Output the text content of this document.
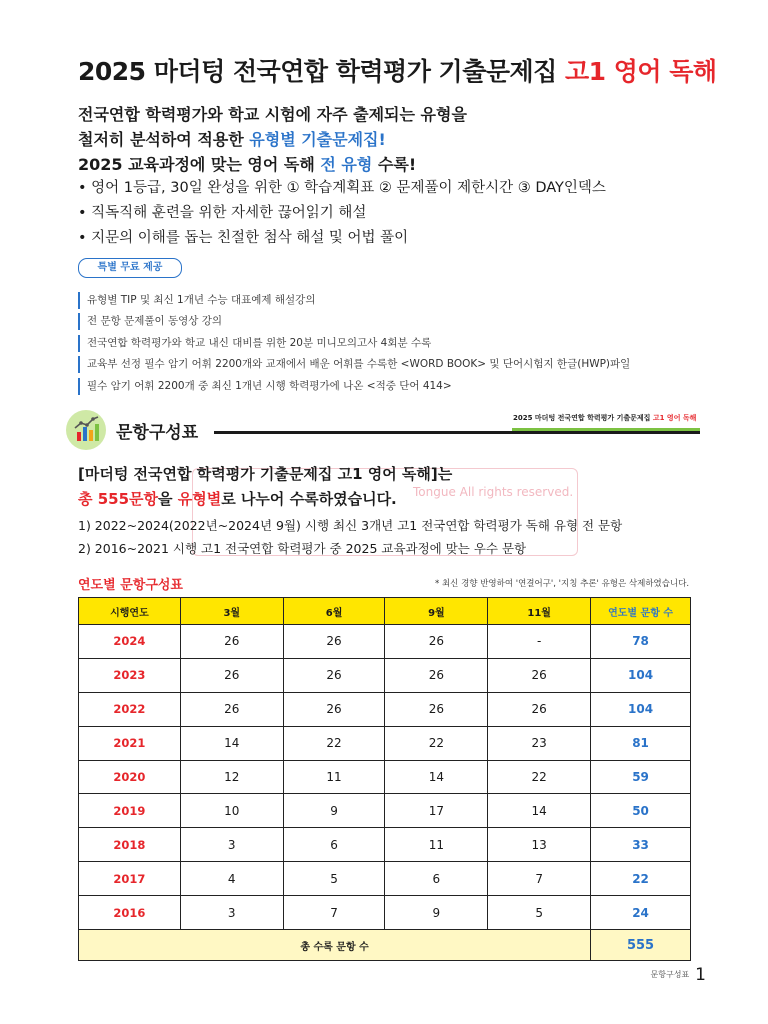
2025 마더텅 전국연합 학력평가 기출문제집 고1 영어 독해
전국연합 학력평가와 학교 시험에 자주 출제되는 유형을
철저히 분석하여 적용한 유형별 기출문제집!
2025 교육과정에 맞는 영어 독해 전 유형 수록!
• 영어 1등급, 30일 완성을 위한 ① 학습계획표 ② 문제풀이 제한시간 ③ DAY인덱스
• 직독직해 훈련을 위한 자세한 끊어읽기 해설
• 지문의 이해를 돕는 친절한 첨삭 해설 및 어법 풀이
특별 무료 제공
유형별 TIP 및 최신 1개년 수능 대표예제 해설강의
전 문항 문제풀이 동영상 강의
전국연합 학력평가와 학교 내신 대비를 위한 20분 미니모의고사 4회분 수록
교육부 선정 필수 암기 어휘 2200개와 교재에서 배운 어휘를 수록한 <WORD BOOK> 및 단어시험지 한글(HWP)파일
필수 암기 어휘 2200개 중 최신 1개년 시행 학력평가에 나온 <적중 단어 414>
문항구성표
2025 마더텅 전국연합 학력평가 기출문제집 고1 영어 독해
Tongue All rights reserved.
[마더텅 전국연합 학력평가 기출문제집 고1 영어 독해]는
총 555문항을 유형별로 나누어 수록하였습니다.
1) 2022~2024(2022년~2024년 9월) 시행 최신 3개년 고1 전국연합 학력평가 독해 유형 전 문항
2) 2016~2021 시행 고1 전국연합 학력평가 중 2025 교육과정에 맞는 우수 문항
연도별 문항구성표	* 최신 경향 반영하여 '연결어구', '지칭 추론' 유형은 삭제하였습니다.
시행연도	3월	6월	9월	11월	연도별 문항 수
2024	26	26	26	-	78
2023	26	26	26	26	104
2022	26	26	26	26	104
2021	14	22	22	23	81
2020	12	11	14	22	59
2019	10	9	17	14	50
2018	3	6	11	13	33
2017	4	5	6	7	22
2016	3	7	9	5	24
총 수록 문항 수					555
문항구성표 1
